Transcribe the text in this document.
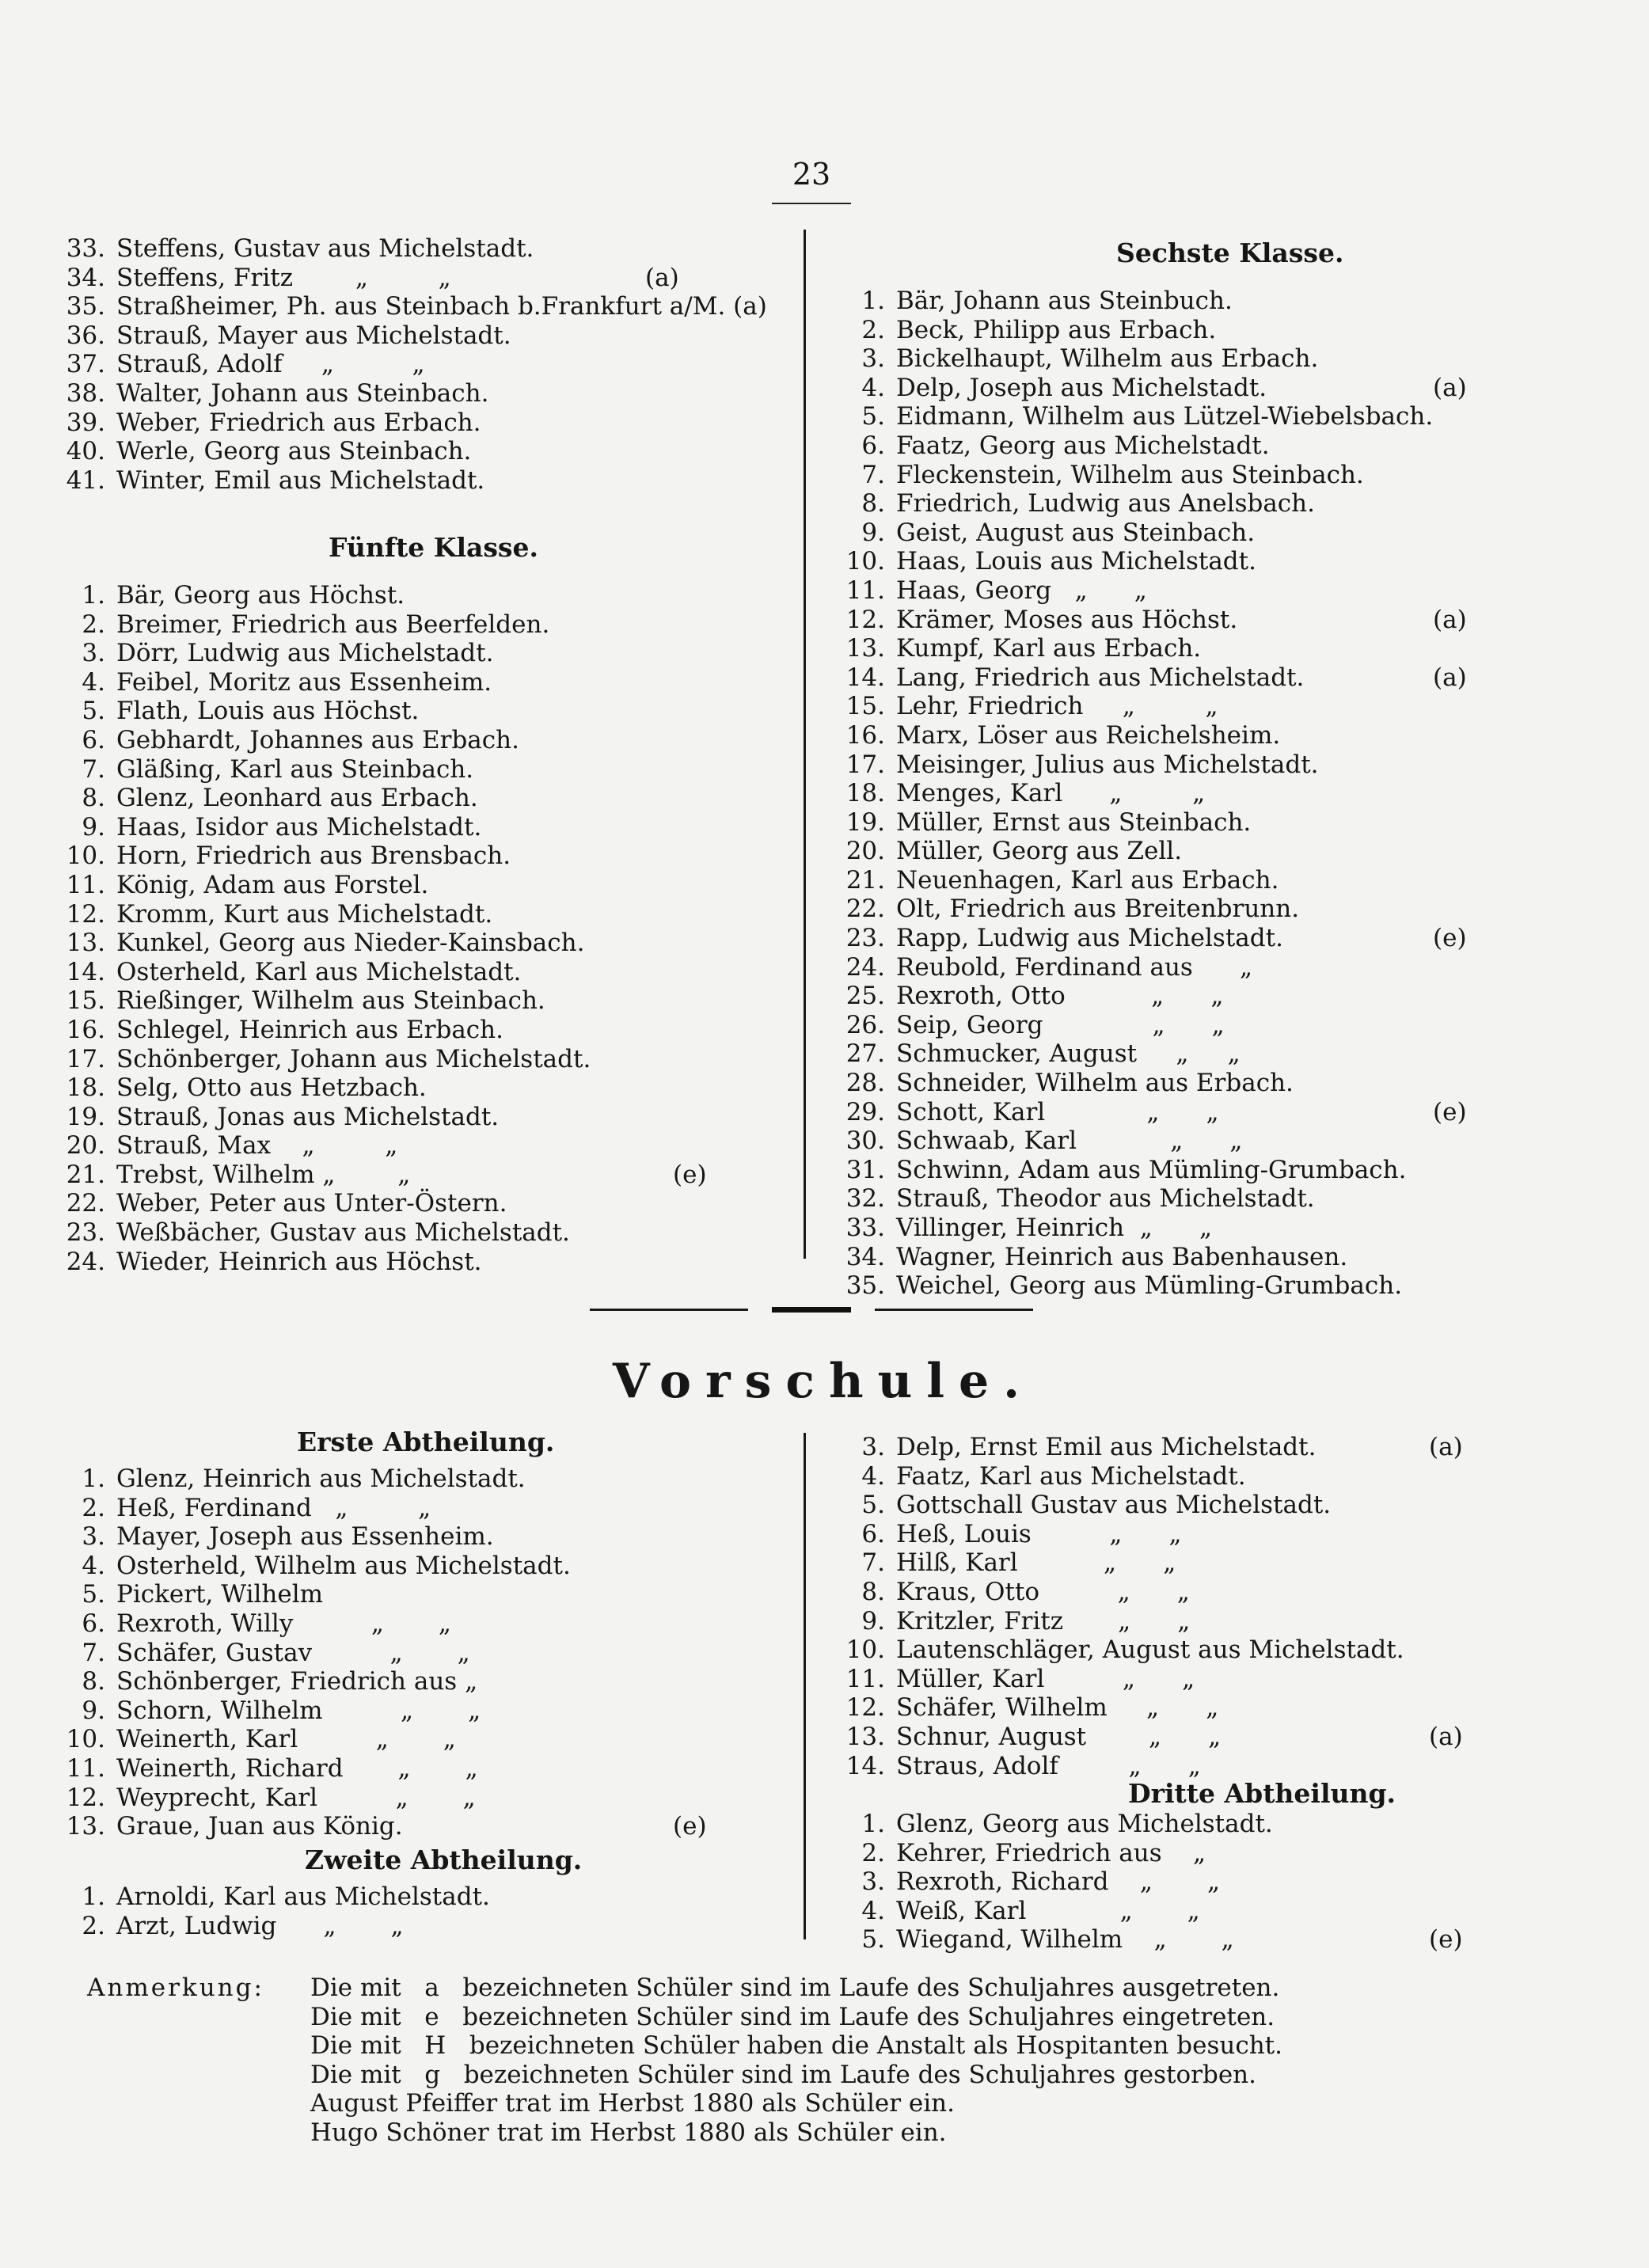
23
33. Steffens, Gustav aus Michelstadt.
34. Steffens, Fritz        „         „	(a)
35. Straßheimer, Ph. aus Steinbach b.Frankfurt a/M. (a)
36. Strauß, Mayer aus Michelstadt.
37. Strauß, Adolf     „          „
38. Walter, Johann aus Steinbach.
39. Weber, Friedrich aus Erbach.
40. Werle, Georg aus Steinbach.
41. Winter, Emil aus Michelstadt.
Fünfte Klasse.
1. Bär, Georg aus Höchst.
2. Breimer, Friedrich aus Beerfelden.
3. Dörr, Ludwig aus Michelstadt.
4. Feibel, Moritz aus Essenheim.
5. Flath, Louis aus Höchst.
6. Gebhardt, Johannes aus Erbach.
7. Gläßing, Karl aus Steinbach.
8. Glenz, Leonhard aus Erbach.
9. Haas, Isidor aus Michelstadt.
10. Horn, Friedrich aus Brensbach.
11. König, Adam aus Forstel.
12. Kromm, Kurt aus Michelstadt.
13. Kunkel, Georg aus Nieder-Kainsbach.
14. Osterheld, Karl aus Michelstadt.
15. Rießinger, Wilhelm aus Steinbach.
16. Schlegel, Heinrich aus Erbach.
17. Schönberger, Johann aus Michelstadt.
18. Selg, Otto aus Hetzbach.
19. Strauß, Jonas aus Michelstadt.
20. Strauß, Max    „         „
21. Trebst, Wilhelm „        „	(e)
22. Weber, Peter aus Unter-Östern.
23. Weßbächer, Gustav aus Michelstadt.
24. Wieder, Heinrich aus Höchst.
Sechste Klasse.
1. Bär, Johann aus Steinbuch.
2. Beck, Philipp aus Erbach.
3. Bickelhaupt, Wilhelm aus Erbach.
4. Delp, Joseph aus Michelstadt.	(a)
5. Eidmann, Wilhelm aus Lützel-Wiebelsbach.
6. Faatz, Georg aus Michelstadt.
7. Fleckenstein, Wilhelm aus Steinbach.
8. Friedrich, Ludwig aus Anelsbach.
9. Geist, August aus Steinbach.
10. Haas, Louis aus Michelstadt.
11. Haas, Georg   „      „
12. Krämer, Moses aus Höchst.	(a)
13. Kumpf, Karl aus Erbach.
14. Lang, Friedrich aus Michelstadt.	(a)
15. Lehr, Friedrich     „         „
16. Marx, Löser aus Reichelsheim.
17. Meisinger, Julius aus Michelstadt.
18. Menges, Karl      „         „
19. Müller, Ernst aus Steinbach.
20. Müller, Georg aus Zell.
21. Neuenhagen, Karl aus Erbach.
22. Olt, Friedrich aus Breitenbrunn.
23. Rapp, Ludwig aus Michelstadt.	(e)
24. Reubold, Ferdinand aus      „
25. Rexroth, Otto           „      „
26. Seip, Georg              „      „
27. Schmucker, August     „     „
28. Schneider, Wilhelm aus Erbach.
29. Schott, Karl             „      „	(e)
30. Schwaab, Karl            „      „
31. Schwinn, Adam aus Mümling-Grumbach.
32. Strauß, Theodor aus Michelstadt.
33. Villinger, Heinrich  „      „
34. Wagner, Heinrich aus Babenhausen.
35. Weichel, Georg aus Mümling-Grumbach.
Vorschule.
Erste Abtheilung.
1. Glenz, Heinrich aus Michelstadt.
2. Heß, Ferdinand   „         „
3. Mayer, Joseph aus Essenheim.
4. Osterheld, Wilhelm aus Michelstadt.
5. Pickert, Wilhelm
6. Rexroth, Willy          „       „
7. Schäfer, Gustav          „       „
8. Schönberger, Friedrich aus „
9. Schorn, Wilhelm          „       „
10. Weinerth, Karl          „       „
11. Weinerth, Richard       „       „
12. Weyprecht, Karl          „       „
13. Graue, Juan aus König.	(e)
Zweite Abtheilung.
1. Arnoldi, Karl aus Michelstadt.
2. Arzt, Ludwig      „       „
3. Delp, Ernst Emil aus Michelstadt.	(a)
4. Faatz, Karl aus Michelstadt.
5. Gottschall Gustav aus Michelstadt.
6. Heß, Louis          „      „
7. Hilß, Karl           „      „
8. Kraus, Otto          „      „
9. Kritzler, Fritz       „      „
10. Lautenschläger, August aus Michelstadt.
11. Müller, Karl          „      „
12. Schäfer, Wilhelm     „      „
13. Schnur, August        „      „	(a)
14. Straus, Adolf         „      „
Dritte Abtheilung.
1. Glenz, Georg aus Michelstadt.
2. Kehrer, Friedrich aus    „
3. Rexroth, Richard    „       „
4. Weiß, Karl            „       „
5. Wiegand, Wilhelm    „       „	(e)
Anmerkung: Die mit   a   bezeichneten Schüler sind im Laufe des Schuljahres ausgetreten.
Die mit   e   bezeichneten Schüler sind im Laufe des Schuljahres eingetreten.
Die mit   H   bezeichneten Schüler haben die Anstalt als Hospitanten besucht.
Die mit   g   bezeichneten Schüler sind im Laufe des Schuljahres gestorben.
August Pfeiffer trat im Herbst 1880 als Schüler ein.
Hugo Schöner trat im Herbst 1880 als Schüler ein.
